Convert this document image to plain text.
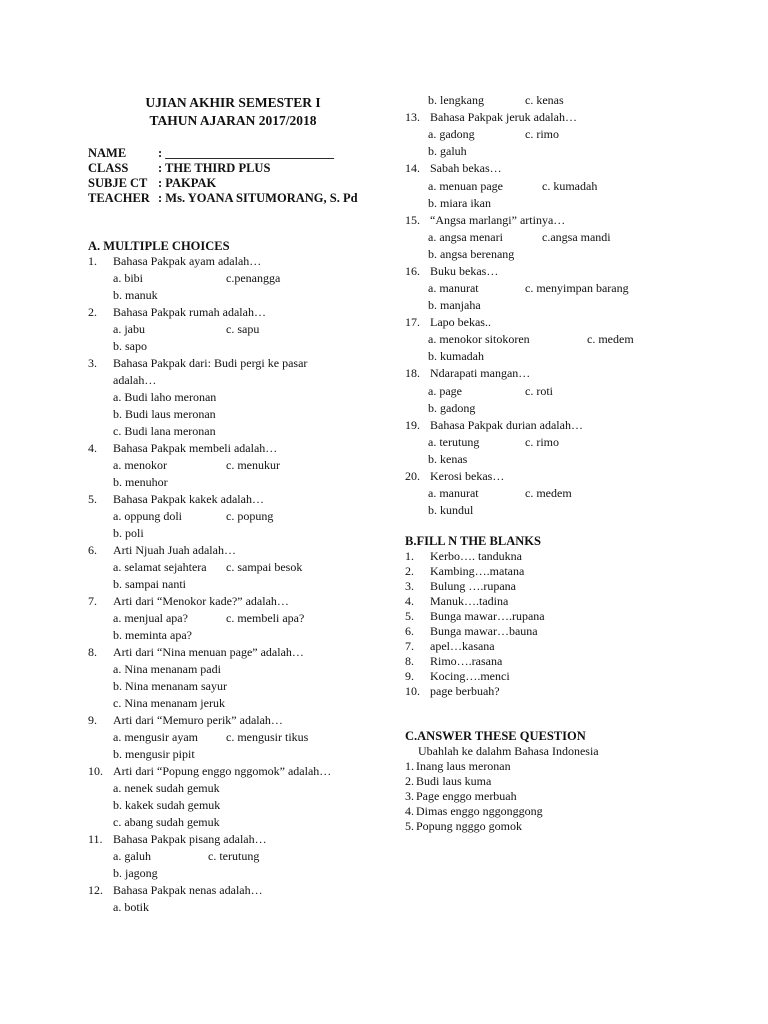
UJIAN AKHIR SEMESTER I
TAHUN AJARAN 2017/2018
NAME	: ___________________________
CLASS : THE THIRD PLUS
SUBJE CT : PAKPAK
TEACHER : Ms. YOANA SITUMORANG, S. Pd
A. MULTIPLE CHOICES
1. Bahasa Pakpak ayam adalah…
a. bibi	c.penangga
b. manuk
2. Bahasa Pakpak rumah adalah…
a. jabu	c. sapu
b. sapo
3. Bahasa Pakpak dari: Budi pergi ke pasar
adalah…
a. Budi laho meronan
b. Budi laus meronan
c. Budi lana meronan
4. Bahasa Pakpak membeli adalah…
a. menokor	c. menukur
b. menuhor
5. Bahasa Pakpak kakek adalah…
a. oppung doli	c. popung
b. poli
6. Arti Njuah Juah adalah…
a. selamat sejahtera c. sampai besok
b. sampai nanti
7. Arti dari “Menokor kade?” adalah…
a. menjual apa?	c. membeli apa?
b. meminta apa?
8. Arti dari “Nina menuan page” adalah…
a. Nina menanam padi
b. Nina menanam sayur
c. Nina menanam jeruk
9. Arti dari “Memuro perik” adalah…
a. mengusir ayam c. mengusir tikus
b. mengusir pipit
10. Arti dari “Popung enggo nggomok” adalah…
a. nenek sudah gemuk
b. kakek sudah gemuk
c. abang sudah gemuk
11. Bahasa Pakpak pisang adalah…
a. galuh	c. terutung
b. jagong
12. Bahasa Pakpak nenas adalah…
a. botik
b. lengkang	c. kenas
13. Bahasa Pakpak jeruk adalah…
a. gadong	c. rimo
b. galuh
14. Sabah bekas…
a. menuan page	c. kumadah
b. miara ikan
15. “Angsa marlangi” artinya…
a. angsa menari	c.angsa mandi
b. angsa berenang
16. Buku bekas…
a. manurat	c. menyimpan barang
b. manjaha
17. Lapo bekas..
a. menokor sitokoren	c. medem
b. kumadah
18. Ndarapati mangan…
a. page	c. roti
b. gadong
19. Bahasa Pakpak durian adalah…
a. terutung	c. rimo
b. kenas
20. Kerosi bekas…
a. manurat	c. medem
b. kundul
B.FILL N THE BLANKS
1. Kerbo…. tandukna
2. Kambing….matana
3. Bulung ….rupana
4. Manuk….tadina
5. Bunga mawar….rupana
6. Bunga mawar…bauna
7. apel…kasana
8. Rimo….rasana
9. Kocing….menci
10. page berbuah?
C.ANSWER THESE QUESTION
Ubahlah ke dalahm Bahasa Indonesia
1. Inang laus meronan
2. Budi laus kuma
3. Page enggo merbuah
4. Dimas enggo nggonggong
5. Popung ngggo gomok
